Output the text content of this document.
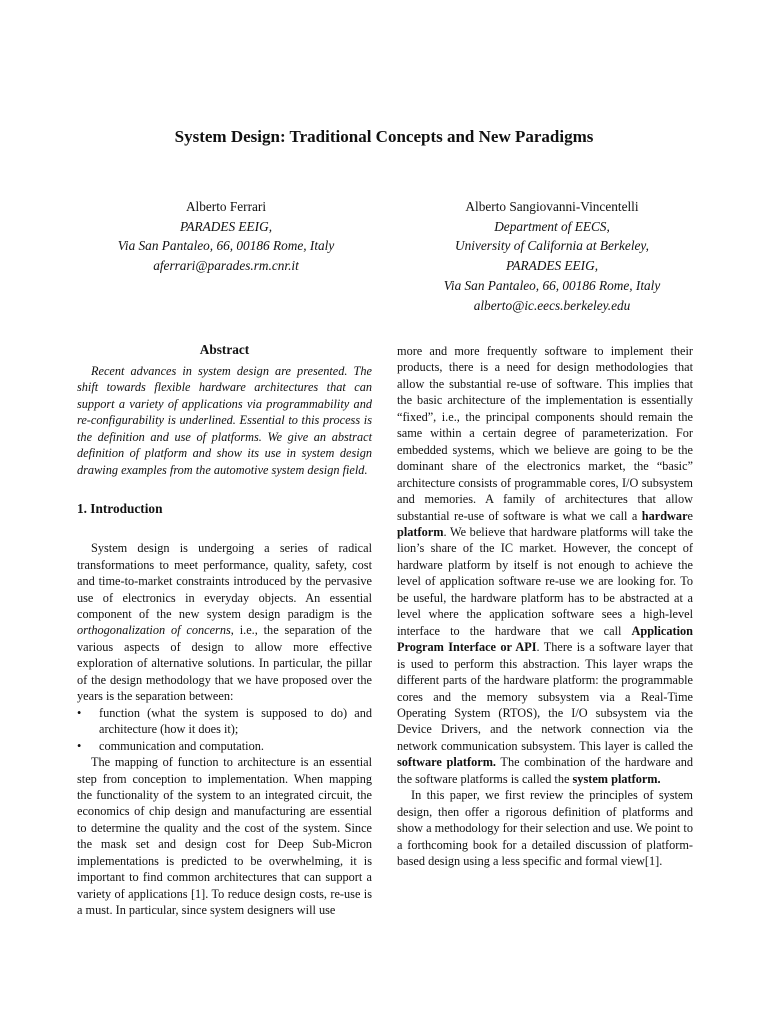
System Design: Traditional Concepts and New Paradigms
Alberto Ferrari
PARADES EEIG,
Via San Pantaleo, 66, 00186 Rome, Italy
aferrari@parades.rm.cnr.it
Alberto Sangiovanni-Vincentelli
Department of EECS,
University of California at Berkeley,
PARADES EEIG,
Via San Pantaleo, 66, 00186 Rome, Italy
alberto@ic.eecs.berkeley.edu
Abstract

Recent advances in system design are presented. The shift towards flexible hardware architectures that can support a variety of applications via programmability and re-configurability is underlined. Essential to this process is the definition and use of platforms. We give an abstract definition of platform and show its use in system design drawing examples from the automotive system design field.

1. Introduction

System design is undergoing a series of radical transformations to meet performance, quality, safety, cost and time-to-market constraints introduced by the pervasive use of electronics in everyday objects. An essential component of the new system design paradigm is the orthogonalization of concerns, i.e., the separation of the various aspects of design to allow more effective exploration of alternative solutions. In particular, the pillar of the design methodology that we have proposed over the years is the separation between:

• function (what the system is supposed to do) and architecture (how it does it);
• communication and computation.

The mapping of function to architecture is an essential step from conception to implementation. When mapping the functionality of the system to an integrated circuit, the economics of chip design and manufacturing are essential to determine the quality and the cost of the system. Since the mask set and design cost for Deep Sub-Micron implementations is predicted to be overwhelming, it is important to find common architectures that can support a variety of applications [1]. To reduce design costs, re-use is a must. In particular, since system designers will use

more and more frequently software to implement their products, there is a need for design methodologies that allow the substantial re-use of software. This implies that the basic architecture of the implementation is essentially “fixed”, i.e., the principal components should remain the same within a certain degree of parameterization. For embedded systems, which we believe are going to be the dominant share of the electronics market, the “basic” architecture consists of programmable cores, I/O subsystem and memories. A family of architectures that allow substantial re-use of software is what we call a hardware platform. We believe that hardware platforms will take the lion’s share of the IC market. However, the concept of hardware platform by itself is not enough to achieve the level of application software re-use we are looking for. To be useful, the hardware platform has to be abstracted at a level where the application software sees a high-level interface to the hardware that we call Application Program Interface or API. There is a software layer that is used to perform this abstraction. This layer wraps the different parts of the hardware platform: the programmable cores and the memory subsystem via a Real-Time Operating System (RTOS), the I/O subsystem via the Device Drivers, and the network connection via the network communication subsystem. This layer is called the software platform. The combination of the hardware and the software platforms is called the system platform.

In this paper, we first review the principles of system design, then offer a rigorous definition of platforms and show a methodology for their selection and use. We point to a forthcoming book for a detailed discussion of platform-based design using a less specific and formal view[1].
